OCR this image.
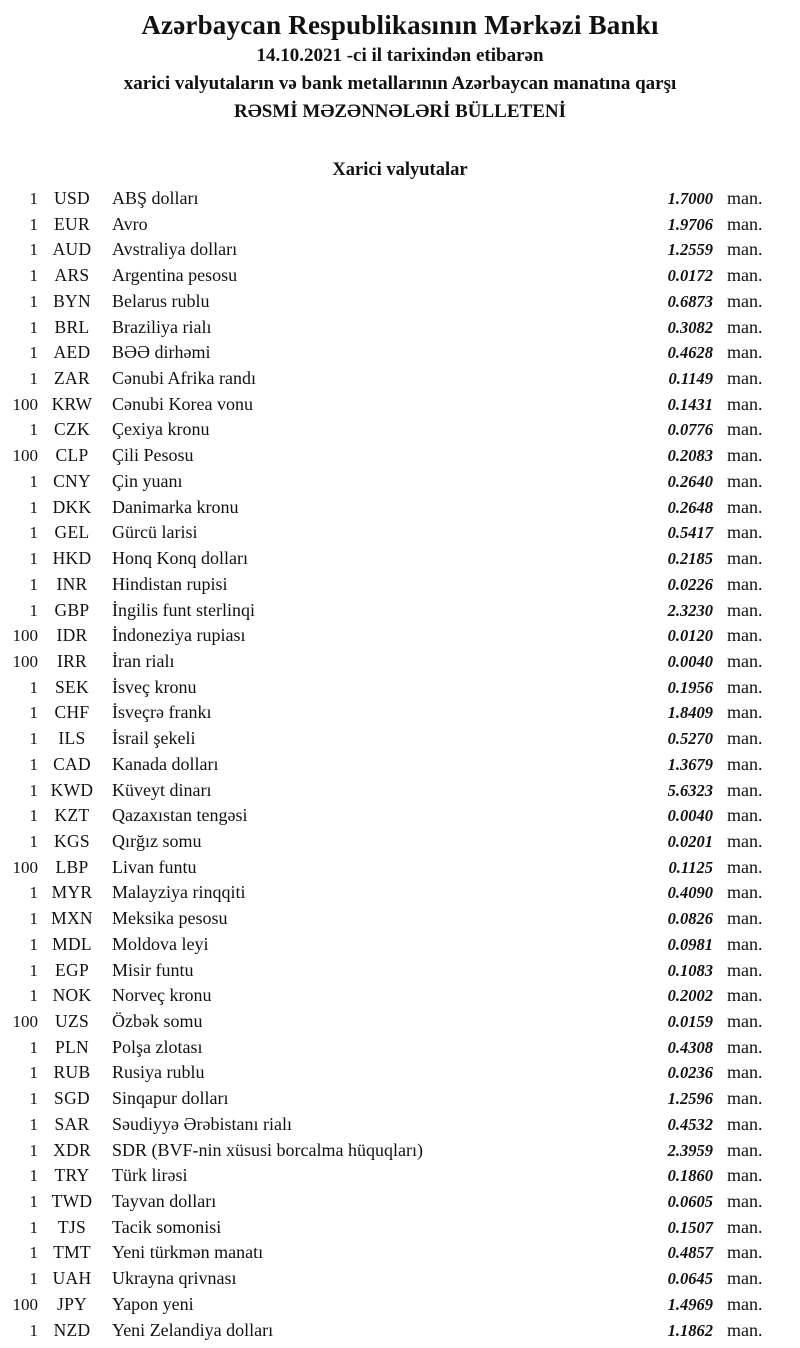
Azərbaycan Respublikasının Mərkəzi Bankı
14.10.2021 -ci il tarixindən etibarən
xarici valyutaların və bank metallarının Azərbaycan manatına qarşı
RƏSMİ MƏZƏNNƏLƏRİ BÜLLETENİ
Xarici valyutalar
1 USD	ABŞ dolları	1.7000 man.
1 EUR	Avro	1.9706 man.
1 AUD	Avstraliya dolları	1.2559 man.
1 ARS	Argentina pesosu	0.0172 man.
1 BYN	Belarus rublu	0.6873 man.
1 BRL	Braziliya rialı	0.3082 man.
1 AED	BƏƏ dirhəmi	0.4628 man.
1 ZAR	Cənubi Afrika randı	0.1149 man.
100 KRW	Cənubi Korea vonu	0.1431 man.
1 CZK	Çexiya kronu	0.0776 man.
100	CLP	Çili Pesosu	0.2083 man.
1 CNY	Çin yuanı	0.2640 man.
1 DKK	Danimarka kronu	0.2648 man.
1 GEL	Gürcü larisi	0.5417 man.
1 HKD	Honq Konq dolları	0.2185 man.
1	INR	Hindistan rupisi	0.0226 man.
1 GBP	İngilis funt sterlinqi	2.3230 man.
100	IDR	İndoneziya rupiası	0.0120 man.
100	IRR	İran rialı	0.0040 man.
1 SEK	İsveç kronu	0.1956 man.
1 CHF	İsveçrə frankı	1.8409 man.
1	ILS	İsrail şekeli	0.5270 man.
1 CAD	Kanada dolları	1.3679 man.
1 KWD	Küveyt dinarı	5.6323 man.
1 KZT	Qazaxıstan tengəsi	0.0040 man.
1 KGS	Qırğız somu	0.0201 man.
100	LBP	Livan funtu	0.1125 man.
1 MYR	Malayziya rinqqiti	0.4090 man.
1 MXN	Meksika pesosu	0.0826 man.
1 MDL	Moldova leyi	0.0981 man.
1 EGP	Misir funtu	0.1083 man.
1 NOK	Norveç kronu	0.2002 man.
100 UZS	Özbək somu	0.0159 man.
1 PLN	Polşa zlotası	0.4308 man.
1 RUB	Rusiya rublu	0.0236 man.
1 SGD	Sinqapur dolları	1.2596 man.
1 SAR	Səudiyyə Ərəbistanı rialı	0.4532 man.
1 XDR	SDR (BVF-nin xüsusi borcalma hüquqları)	2.3959 man.
1 TRY	Türk lirəsi	0.1860 man.
1 TWD	Tayvan dolları	0.0605 man.
1	TJS	Tacik somonisi	0.1507 man.
1 TMT	Yeni türkmən manatı	0.4857 man.
1 UAH	Ukrayna qrivnası	0.0645 man.
100	JPY	Yapon yeni	1.4969 man.
1 NZD	Yeni Zelandiya dolları	1.1862 man.
